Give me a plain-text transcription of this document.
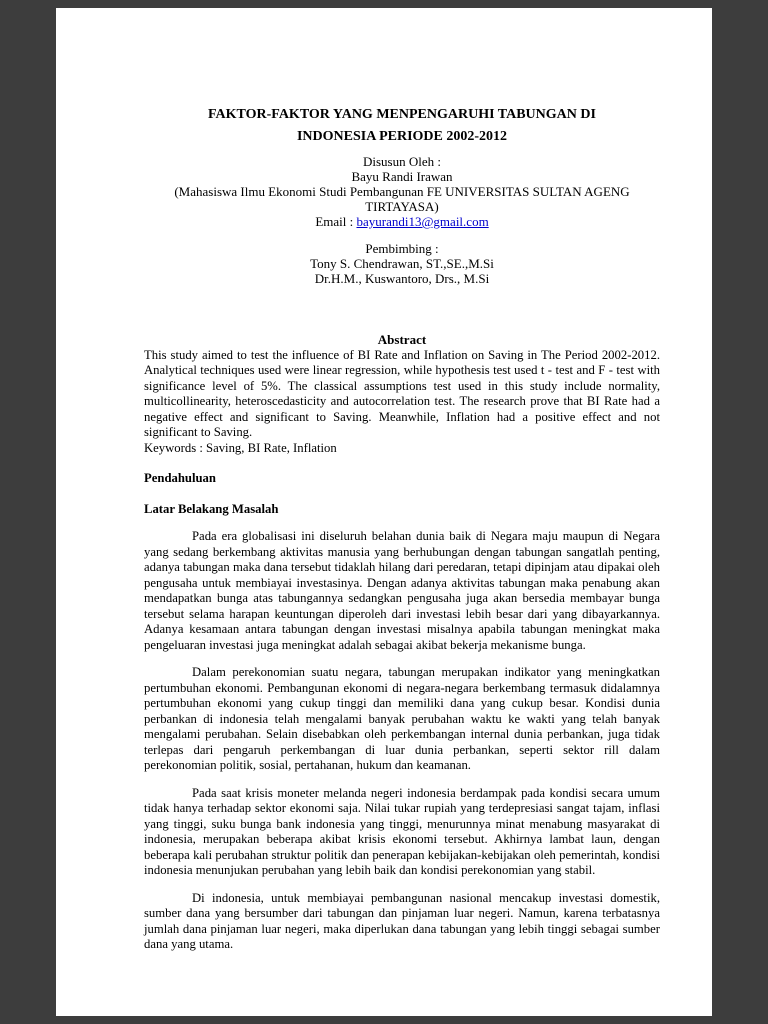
FAKTOR-FAKTOR YANG MENPENGARUHI TABUNGAN DI
INDONESIA PERIODE 2002-2012
Disusun Oleh :
Bayu Randi Irawan
(Mahasiswa Ilmu Ekonomi Studi Pembangunan FE UNIVERSITAS SULTAN AGENG TIRTAYASA)
Email : bayurandi13@gmail.com
Pembimbing :
Tony S. Chendrawan, ST.,SE.,M.Si
Dr.H.M., Kuswantoro, Drs., M.Si
Abstract

This study aimed to test the influence of BI Rate and Inflation on Saving in The Period 2002-2012. Analytical techniques used were linear regression, while hypothesis test used t - test and F - test with significance level of 5%. The classical assumptions test used in this study include normality, multicollinearity, heteroscedasticity and autocorrelation test. The research prove that BI Rate had a negative effect and significant to Saving. Meanwhile, Inflation had a positive effect and not significant to Saving.

Keywords : Saving, BI Rate, Inflation

Pendahuluan
Latar Belakang Masalah

Pada era globalisasi ini diseluruh belahan dunia baik di Negara maju maupun di Negara yang sedang berkembang aktivitas manusia yang berhubungan dengan tabungan sangatlah penting, adanya tabungan maka dana tersebut tidaklah hilang dari peredaran, tetapi dipinjam atau dipakai oleh pengusaha untuk membiayai investasinya. Dengan adanya aktivitas tabungan maka penabung akan mendapatkan bunga atas tabungannya sedangkan pengusaha juga akan bersedia membayar bunga tersebut selama harapan keuntungan diperoleh dari investasi lebih besar dari yang dibayarkannya. Adanya kesamaan antara tabungan dengan investasi misalnya apabila tabungan meningkat maka pengeluaran investasi juga meningkat adalah sebagai akibat bekerja mekanisme bunga.

Dalam perekonomian suatu negara, tabungan merupakan indikator yang meningkatkan pertumbuhan ekonomi. Pembangunan ekonomi di negara-negara berkembang termasuk didalamnya pertumbuhan ekonomi yang cukup tinggi dan memiliki dana yang cukup besar. Kondisi dunia perbankan di indonesia telah mengalami banyak perubahan waktu ke wakti yang telah banyak mengalami perubahan. Selain disebabkan oleh perkembangan internal dunia perbankan, juga tidak terlepas dari pengaruh perkembangan di luar dunia perbankan, seperti sektor rill dalam perekonomian politik, sosial, pertahanan, hukum dan keamanan.

Pada saat krisis moneter melanda negeri indonesia berdampak pada kondisi secara umum tidak hanya terhadap sektor ekonomi saja. Nilai tukar rupiah yang terdepresiasi sangat tajam, inflasi yang tinggi, suku bunga bank indonesia yang tinggi, menurunnya minat menabung masyarakat di indonesia, merupakan beberapa akibat krisis ekonomi tersebut. Akhirnya lambat laun, dengan beberapa kali perubahan struktur politik dan penerapan kebijakan-kebijakan oleh pemerintah, kondisi indonesia menunjukan perubahan yang lebih baik dan kondisi perekonomian yang stabil.

Di indonesia, untuk membiayai pembangunan nasional mencakup investasi domestik, sumber dana yang bersumber dari tabungan dan pinjaman luar negeri. Namun, karena terbatasnya jumlah dana pinjaman luar negeri, maka diperlukan dana tabungan yang lebih tinggi sebagai sumber dana yang utama.
